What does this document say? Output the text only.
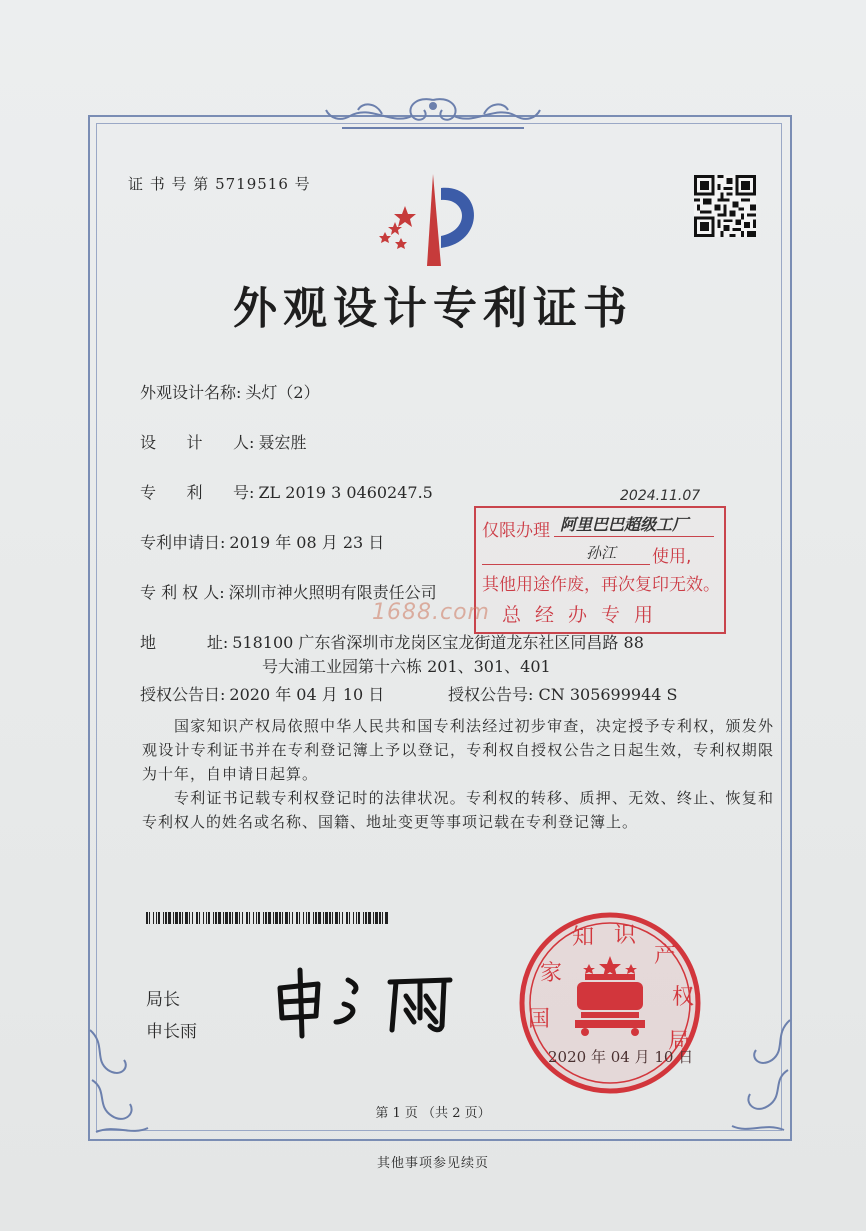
证 书 号 第 5719516 号
外观设计专利证书
外观设计名称: 头灯（2）
设      计      人: 聂宏胜
专      利      号: ZL 2019 3 0460247.5
专利申请日: 2019 年 08 月 23 日
专 利 权 人: 深圳市神火照明有限责任公司
地          址: 518100 广东省深圳市龙岗区宝龙街道龙东社区同昌路 88
号大浦工业园第十六栋 201、301、401
授权公告日: 2020 年 04 月 10 日	授权公告号: CN 305699944 S
国家知识产权局依照中华人民共和国专利法经过初步审查，决定授予专利权，颁发外观设计专利证书并在专利登记簿上予以登记，专利权自授权公告之日起生效，专利权期限为十年，自申请日起算。
专利证书记载专利权登记时的法律状况。专利权的转移、质押、无效、终止、恢复和专利权人的姓名或名称、国籍、地址变更等事项记载在专利登记簿上。
局长
申长雨	国
家
知 识
产
权
局
2020 年 04 月 10 日
仅限办理
使用,
其他用途作废，再次复印无效。
总经办专用
2024.11.07
阿里巴巴超级工厂
孙江
1688.com
第 1 页 （共 2 页）
其他事项参见续页
